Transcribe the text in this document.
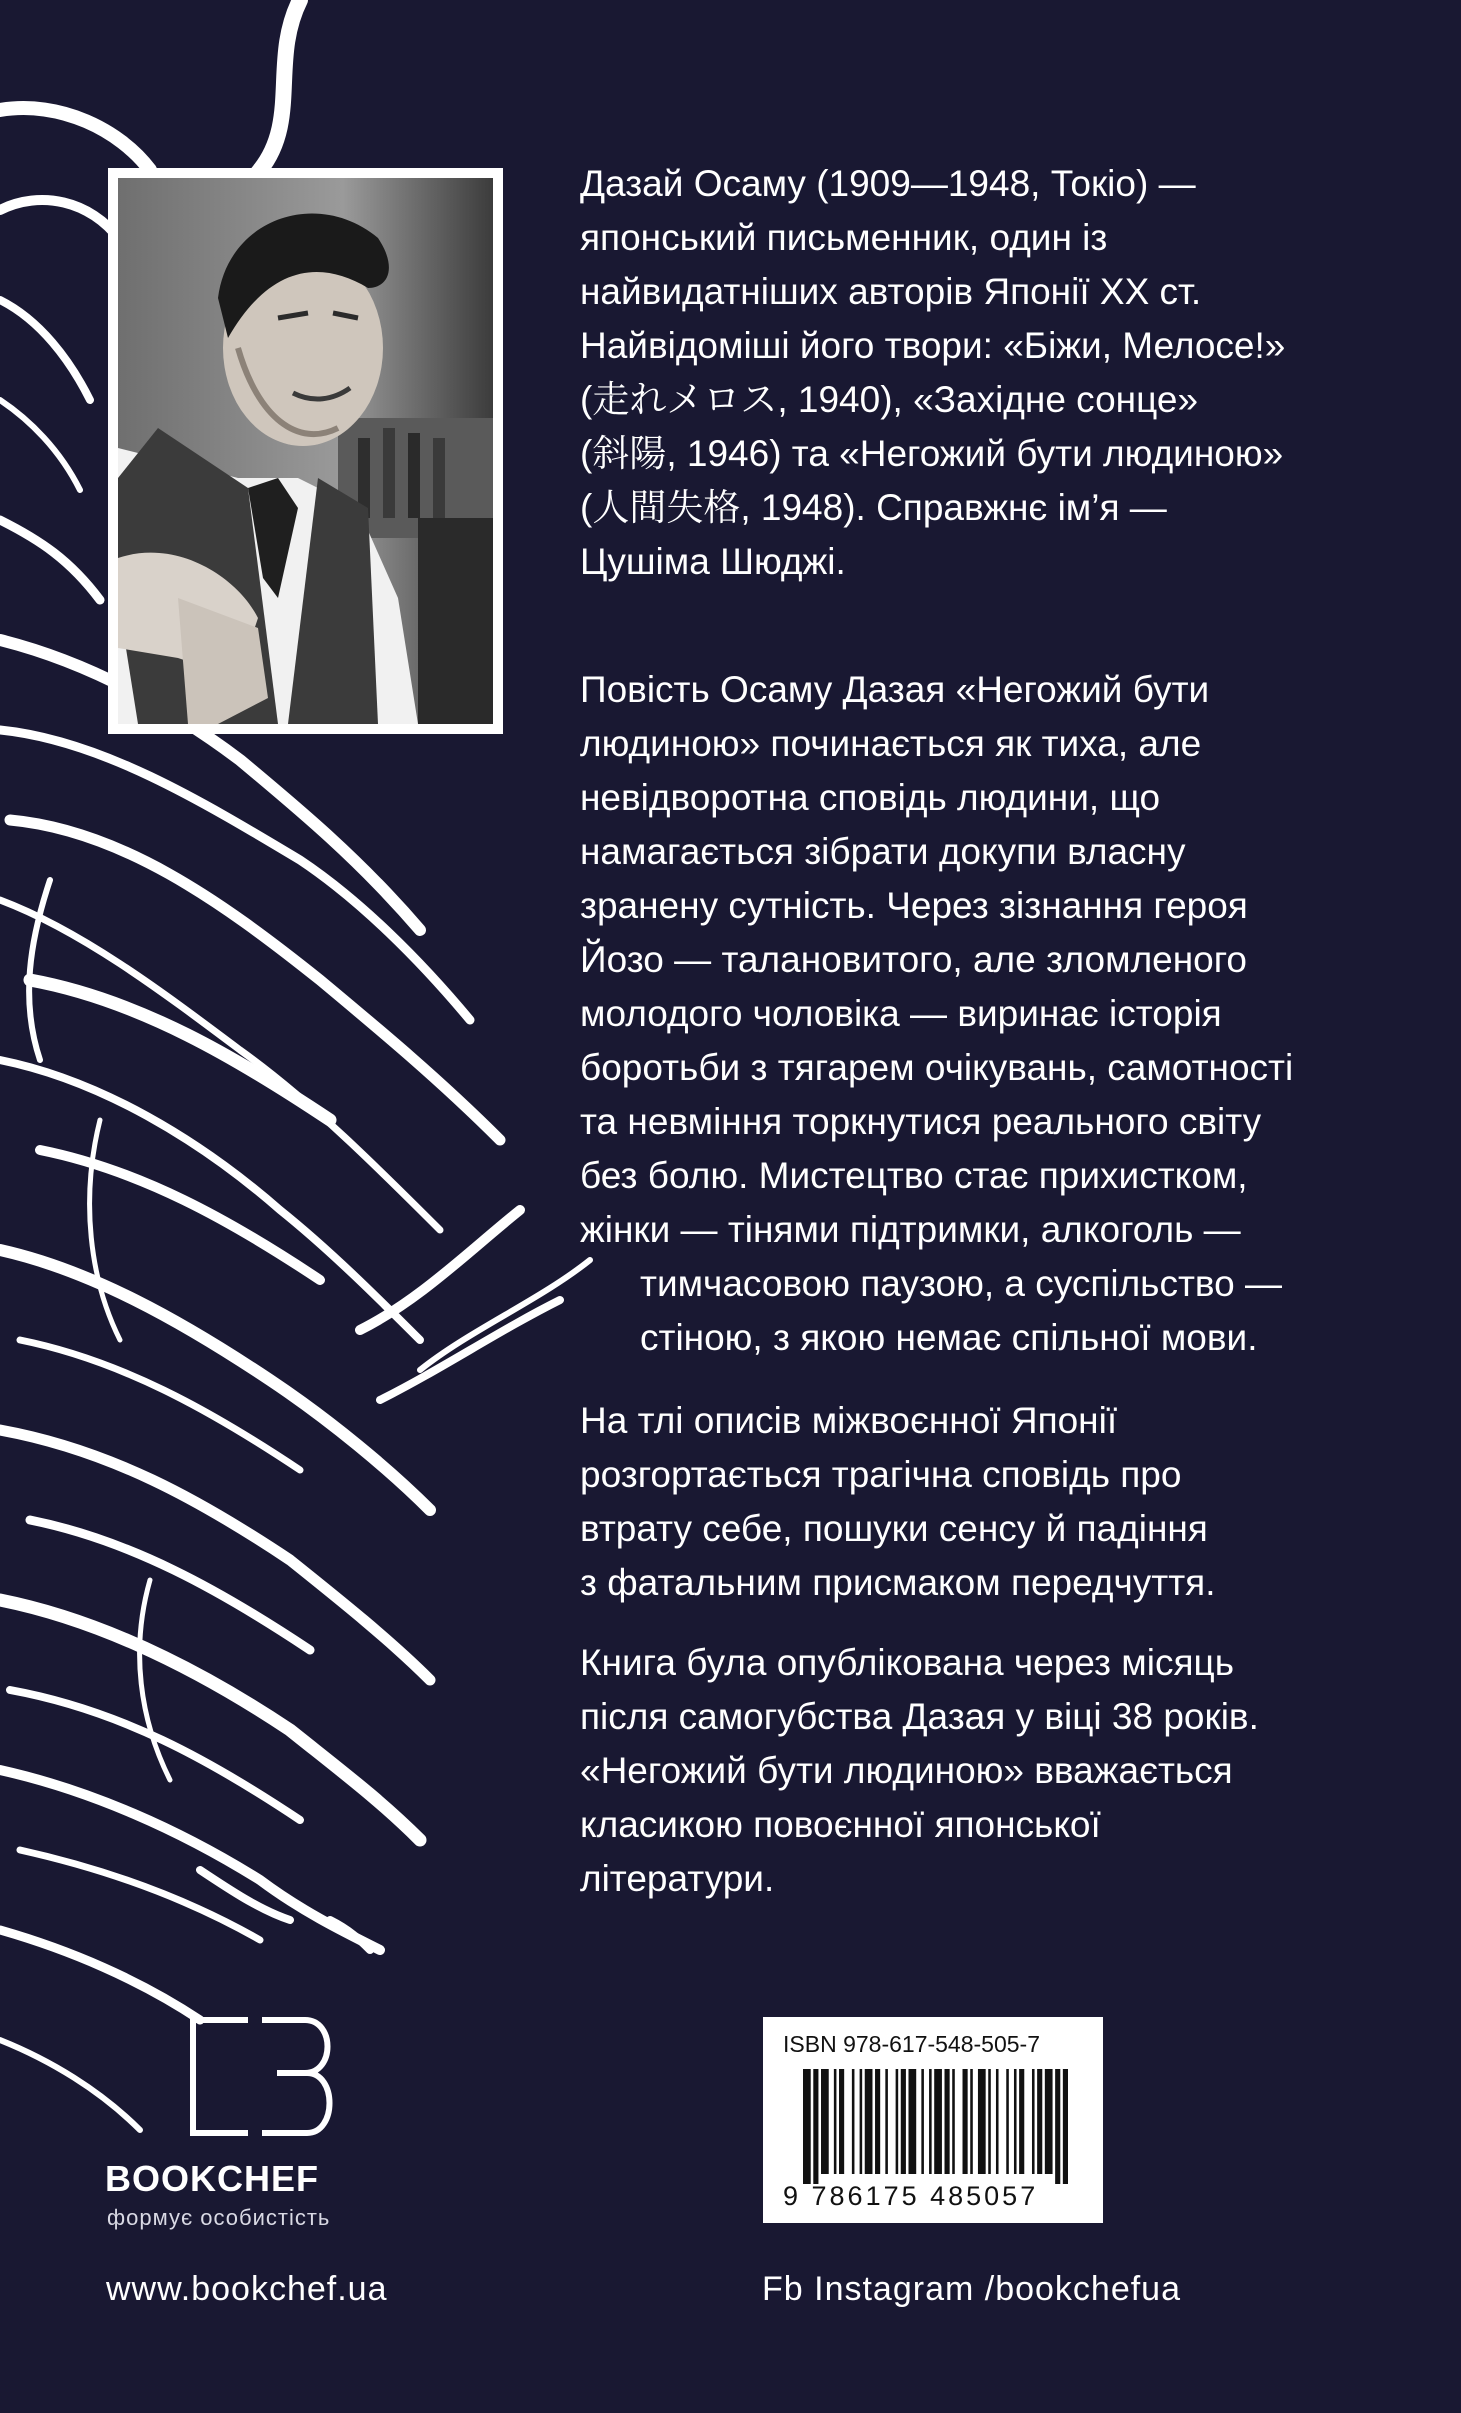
Дазай Осаму (1909—1948, Токіо) —
японський письменник, один із
найвидатніших авторів Японії ХХ ст.
Найвідоміші його твори: «Біжи, Мелосе!»
(走れメロス, 1940), «Західне сонце»
(斜陽, 1946) та «Негожий бути людиною»
(人間失格, 1948). Справжнє ім’я —
Цушіма Шюджі.
Повість Осаму Дазая «Негожий бути
людиною» починається як тиха, але
невідворотна сповідь людини, що
намагається зібрати докупи власну
зранену сутність. Через зізнання героя
Йозо — талановитого, але зломленого
молодого чоловіка — виринає історія
боротьби з тягарем очікувань, самотності
та невміння торкнутися реального світу
без болю. Мистецтво стає прихистком,
жінки — тінями підтримки, алкоголь —
тимчасовою паузою, а суспільство —
стіною, з якою немає спільної мови.
На тлі описів міжвоєнної Японії
розгортається трагічна сповідь про
втрату себе, пошуки сенсу й падіння
з фатальним присмаком передчуття.
Книга була опублікована через місяць
після самогубства Дазая у віці 38 років.
«Негожий бути людиною» вважається
класикою повоєнної японської
літератури.
BOOKCHEF
формує особистість
www.bookchef.ua	Fb Instagram /bookchefua
ISBN 978-617-548-505-7
9 786175 485057
